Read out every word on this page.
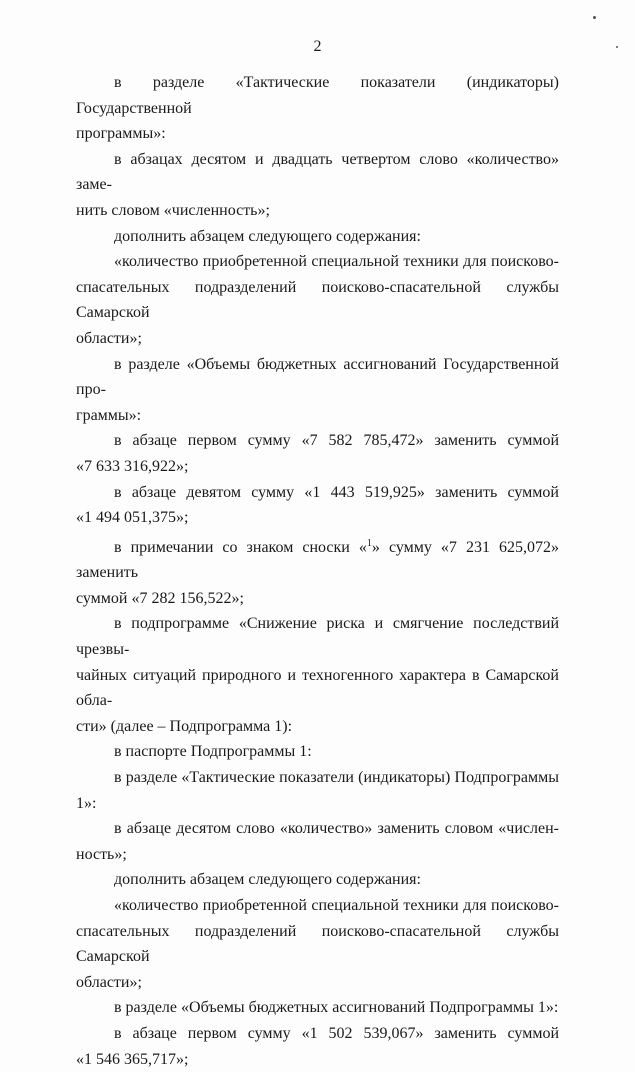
2

в разделе «Тактические показатели (индикаторы) Государственной
программы»:

в абзацах десятом и двадцать четвертом слово «количество» заме-
нить словом «численность»;

дополнить абзацем следующего содержания:

«количество приобретенной специальной техники для поисково-
спасательных подразделений поисково-спасательной службы Самарской
области»;

в разделе «Объемы бюджетных ассигнований Государственной про-
граммы»:

в абзаце первом сумму «7 582 785,472» заменить суммой
«7 633 316,922»;

в абзаце девятом сумму «1 443 519,925» заменить суммой
«1 494 051,375»;

в примечании со знаком сноски «$^1$» сумму «7 231 625,072» заменить
суммой «7 282 156,522»;

в подпрограмме «Снижение риска и смягчение последствий чрезвы-
чайных ситуаций природного и техногенного характера в Самарской обла-
сти» (далее – Подпрограмма 1):

в паспорте Подпрограммы 1:

в разделе «Тактические показатели (индикаторы) Подпрограммы 1»:

в абзаце десятом слово «количество» заменить словом «числен-
ность»;

дополнить абзацем следующего содержания:

«количество приобретенной специальной техники для поисково-
спасательных подразделений поисково-спасательной службы Самарской
области»;

в разделе «Объемы бюджетных ассигнований Подпрограммы 1»:

в абзаце первом сумму «1 502 539,067» заменить суммой
«1 546 365,717»;
